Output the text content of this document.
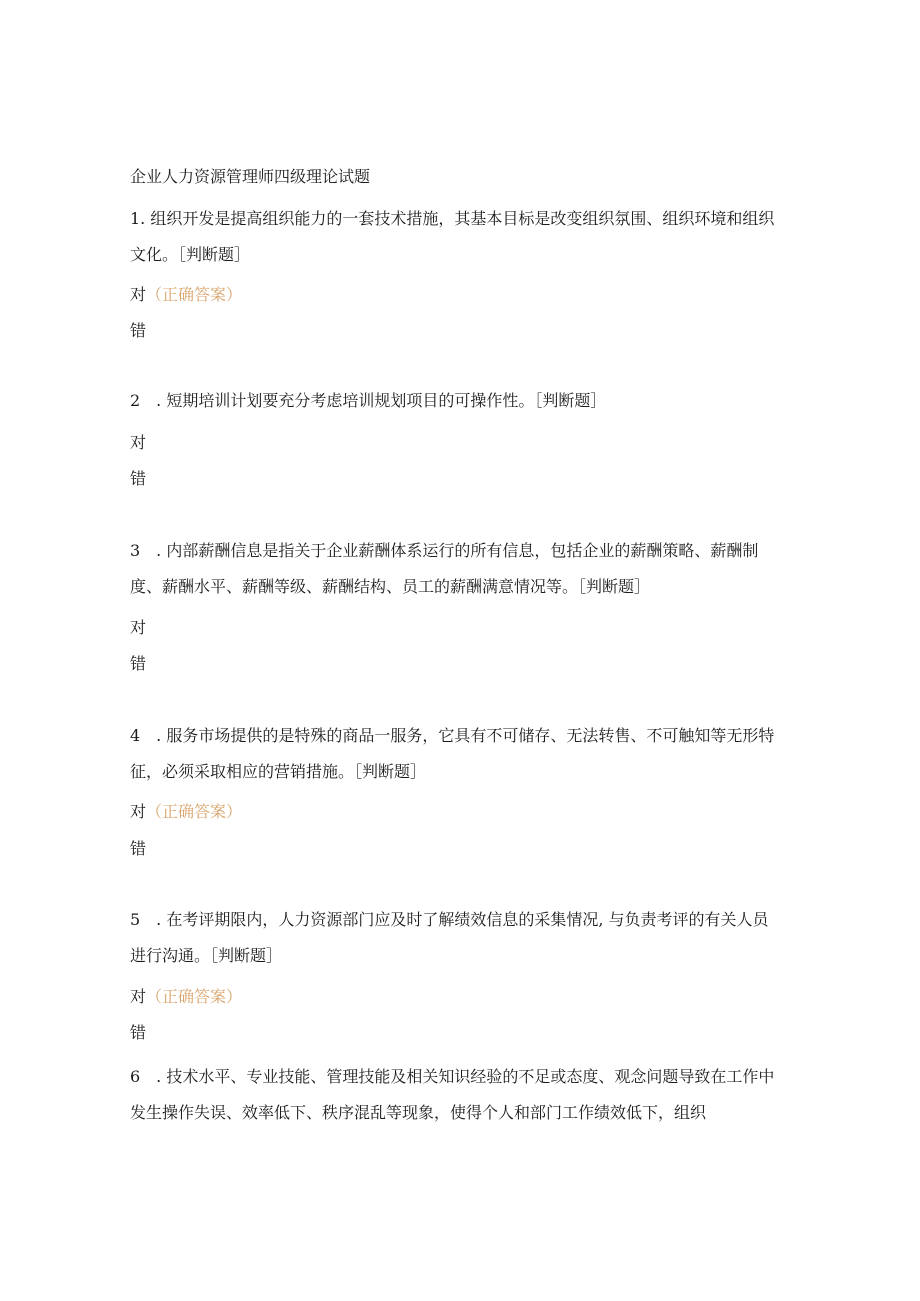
企业人力资源管理师四级理论试题

1. 组织开发是提高组织能力的一套技术措施，其基本目标是改变组织氛围、组织环境和组织文化。［判断题］

对（正确答案）
错

2　. 短期培训计划要充分考虑培训规划项目的可操作性。［判断题］

对
错

3　. 内部薪酬信息是指关于企业薪酬体系运行的所有信息，包括企业的薪酬策略、薪酬制度、薪酬水平、薪酬等级、薪酬结构、员工的薪酬满意情况等。［判断题］

对
错

4　. 服务市场提供的是特殊的商品一服务，它具有不可储存、无法转售、不可触知等无形特征，必须采取相应的营销措施。［判断题］

对（正确答案）
错

5　. 在考评期限内，人力资源部门应及时了解绩效信息的采集情况, 与负责考评的有关人员进行沟通。［判断题］

对（正确答案）
错

6　. 技术水平、专业技能、管理技能及相关知识经验的不足或态度、观念问题导致在工作中发生操作失误、效率低下、秩序混乱等现象，使得个人和部门工作绩效低下，组织
